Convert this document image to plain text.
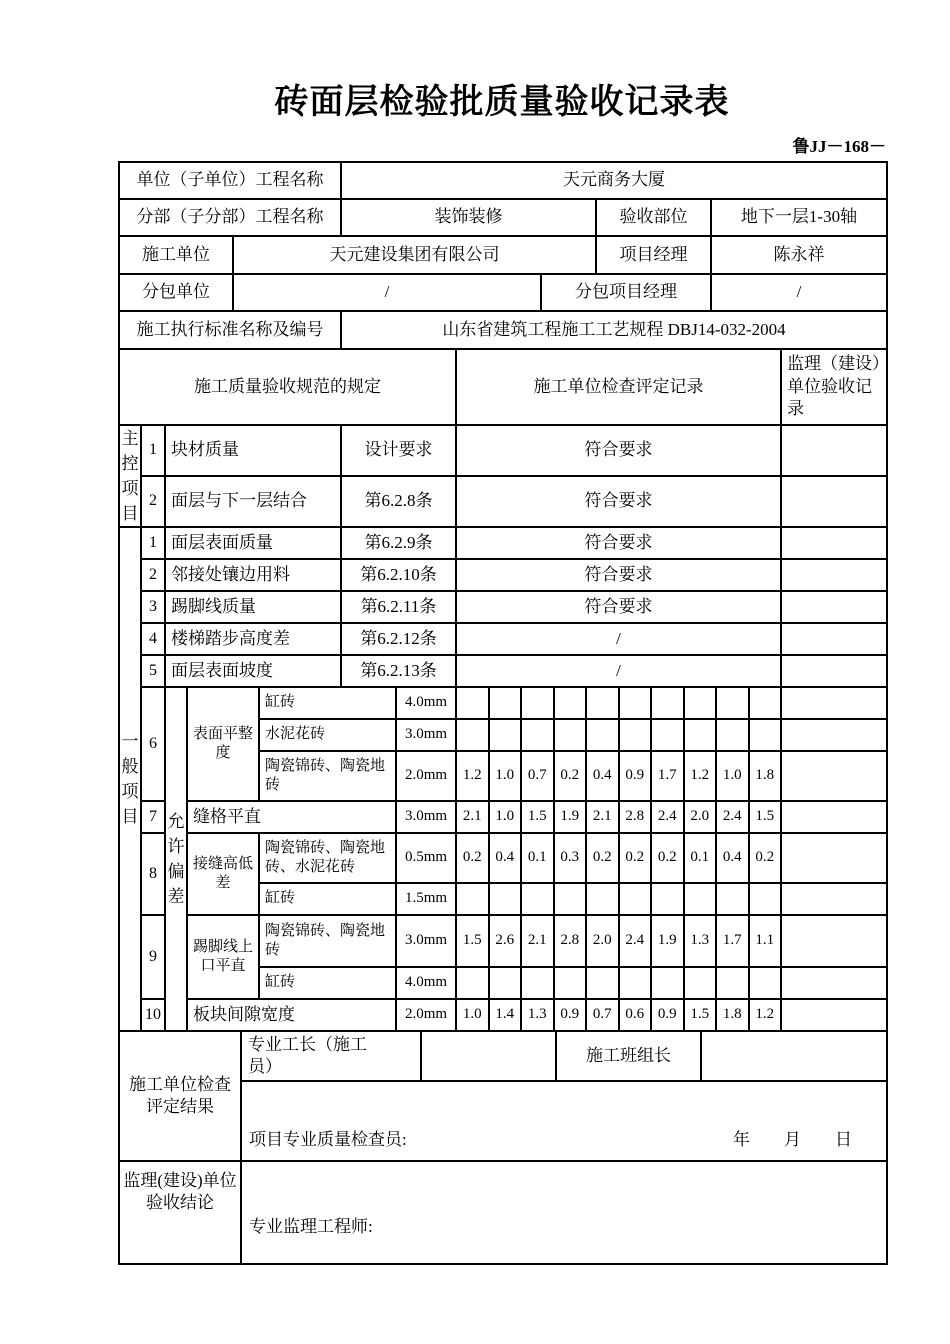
砖面层检验批质量验收记录表
鲁JJ－168－
单位（子单位）工程名称		天元商务大厦			
分部（子分部）工程名称		装饰装修		验收部位	地下一层1-30轴
施工单位	天元建设集团有限公司			项目经理	陈永祥
分包单位	/		分包项目经理		/
施工执行标准名称及编号		山东省建筑工程施工工艺规程 DBJ14-032-2004			
施工质量验收规范的规定							施工单位检查评定记录										监理（建设）单位验收记录
主控项目	1	块材质量			设计要求		符合要求										
	2	面层与下一层结合			第6.2.8条		符合要求										
一般项目	1	面层表面质量			第6.2.9条		符合要求										
	2	邻接处镶边用料			第6.2.10条		符合要求										
	3	踢脚线质量			第6.2.11条		符合要求										
	4	楼梯踏步高度差			第6.2.12条		/										
	5	面层表面坡度			第6.2.13条		/										
	6	允许偏差	表面平整度	缸砖		4.0mm											
				水泥花砖		3.0mm											
				陶瓷锦砖、陶瓷地砖		2.0mm	1.2	1.0	0.7	0.2	0.4	0.9	1.7	1.2	1.0	1.8	
	7		缝格平直			3.0mm	2.1	1.0	1.5	1.9	2.1	2.8	2.4	2.0	2.4	1.5	
	8		接缝高低差	陶瓷锦砖、陶瓷地砖、水泥花砖		0.5mm	0.2	0.4	0.1	0.3	0.2	0.2	0.2	0.1	0.4	0.2	
				缸砖		1.5mm											
	9		踢脚线上口平直	陶瓷锦砖、陶瓷地砖		3.0mm	1.5	2.6	2.1	2.8	2.0	2.4	1.9	1.3	1.7	1.1	
				缸砖		4.0mm											
	10		板块间隙宽度			2.0mm	1.0	1.4	1.3	0.9	0.7	0.6	0.9	1.5	1.8	1.2	
施工单位检查评定结果	专业工长（施工员）		施工班组长	

	项目专业质量检查员: 年　　月　　日			

监理(建设)单位验收结论	专业监理工程师:			
